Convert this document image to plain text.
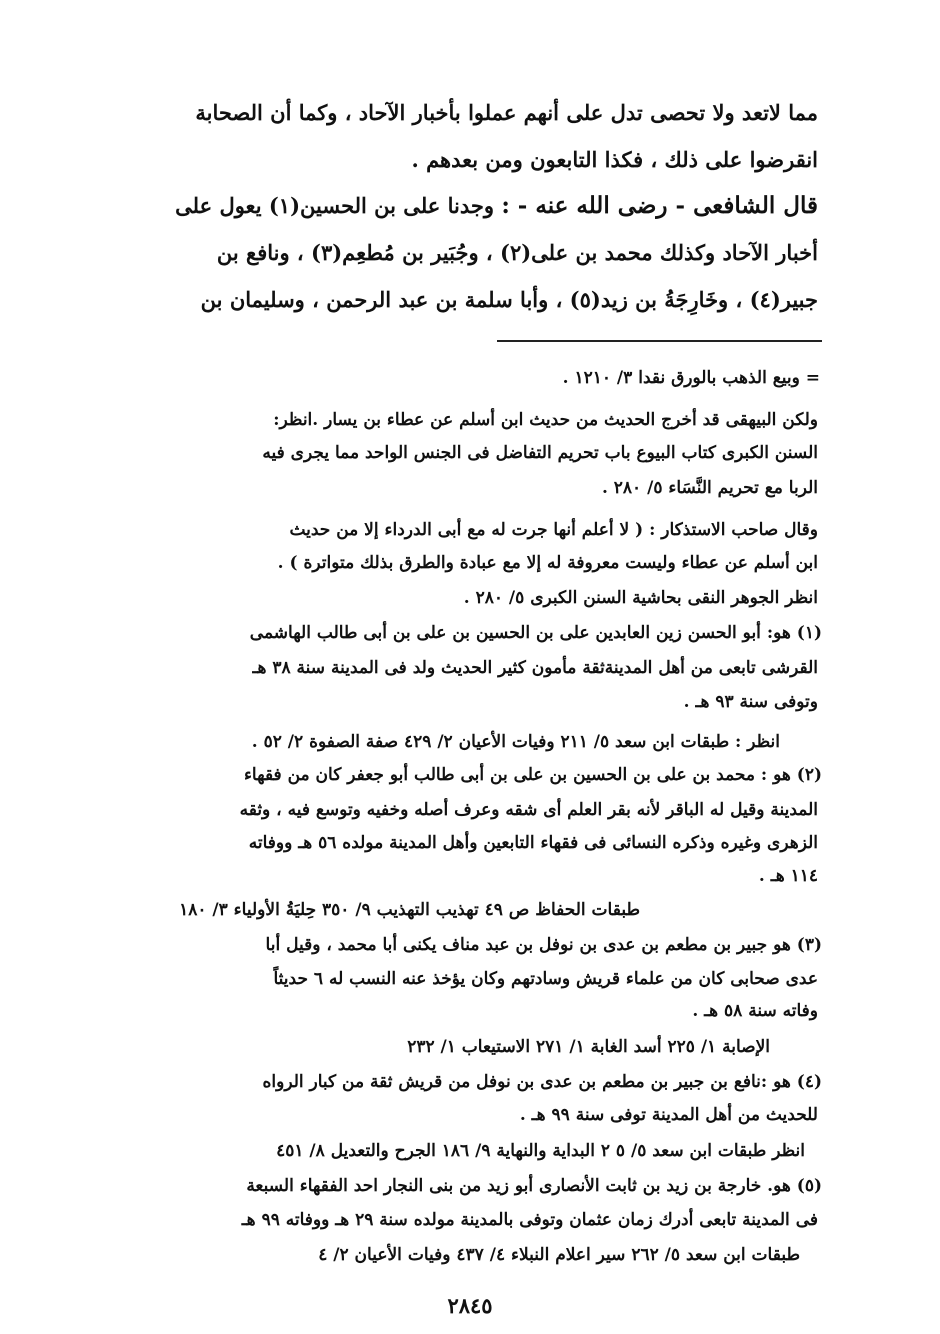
مما لاتعد ولا تحصى تدل على أنهم عملوا بأخبار الآحاد ، وكما أن الصحابة
انقرضوا على ذلك ، فكذا التابعون ومن بعدهم .
قال الشافعى - رضى الله عنه - : وجدنا على بن الحسين(١) يعول على
أخبار الآحاد وكذلك محمد بن على(٢) ، وجُبَير بن مُطعِم(٣) ، ونافع بن
جبير(٤) ، وخَارِجَةُ بن زيد(٥) ، وأبا سلمة بن عبد الرحمن ، وسليمان بن
= وبيع الذهب بالورق نقدا ٣/ ١٢١٠ .
ولكن البيهقى قد أخرج الحديث من حديث ابن أسلم عن عطاء بن يسار .انظر:
السنن الكبرى كتاب البيوع باب تحريم التفاضل فى الجنس الواحد مما يجرى فيه
الربا مع تحريم النَّسَاء ٥/ ٢٨٠ .
وقال صاحب الاستذكار : ( لا أعلم أنها جرت له مع أبى الدرداء إلا من حديث
ابن أسلم عن عطاء وليست معروفة له إلا مع عبادة والطرق بذلك متواترة ) .
انظر الجوهر النقى بحاشية السنن الكبرى ٥/ ٢٨٠ .
(١) هو: أبو الحسن زين العابدين على بن الحسين بن على بن أبى طالب الهاشمى
القرشى تابعى من أهل المدينةثقة مأمون كثير الحديث ولد فى المدينة سنة ٣٨ هـ
وتوفى سنة ٩٣ هـ .
انظر : طبقات ابن سعد ٥/ ٢١١ وفيات الأعيان ٢/ ٤٢٩ صفة الصفوة ٢/ ٥٢ .
(٢) هو : محمد بن على بن الحسين بن على بن أبى طالب أبو جعفر كان من فقهاء
المدينة وقيل له الباقر لأنه بقر العلم أى شقه وعرف أصله وخفيه وتوسع فيه ، وثقه
الزهرى وغيره وذكره النسائى فى فقهاء التابعين وأهل المدينة مولده ٥٦ هـ ووفاته
١١٤ هـ .
طبقات الحفاظ ص ٤٩ تهذيب التهذيب ٩/ ٣٥٠ حِليَةُ الأولياء ٣/ ١٨٠
(٣) هو جبير بن مطعم بن عدى بن نوفل بن عبد مناف يكنى أبا محمد ، وقيل أبا
عدى صحابى كان من علماء قريش وسادتهم وكان يؤخذ عنه النسب له ٦ حديثاً
وفاته سنة ٥٨ هـ .
الإصابة ١/ ٢٢٥ أسد الغابة ١/ ٢٧١ الاستيعاب ١/ ٢٣٢
(٤) هو :نافع بن جبير بن مطعم بن عدى بن نوفل من قريش ثقة من كبار الرواه
للحديث من أهل المدينة توفى سنة ٩٩ هـ .
انظر طبقات ابن سعد ٥/ ٥ ٢ البداية والنهاية ٩/ ١٨٦ الجرح والتعديل ٨/ ٤٥١
(٥) هو. خارجة بن زيد بن ثابت الأنصارى أبو زيد من بنى النجار احد الفقهاء السبعة
فى المدينة تابعى أدرك زمان عثمان وتوفى بالمدينة مولده سنة ٢٩ هـ ووفاته ٩٩ هـ
طبقات ابن سعد ٥/ ٢٦٢ سير اعلام النبلاء ٤/ ٤٣٧ وفيات الأعيان ٢/ ٤
٢٨٤٥
